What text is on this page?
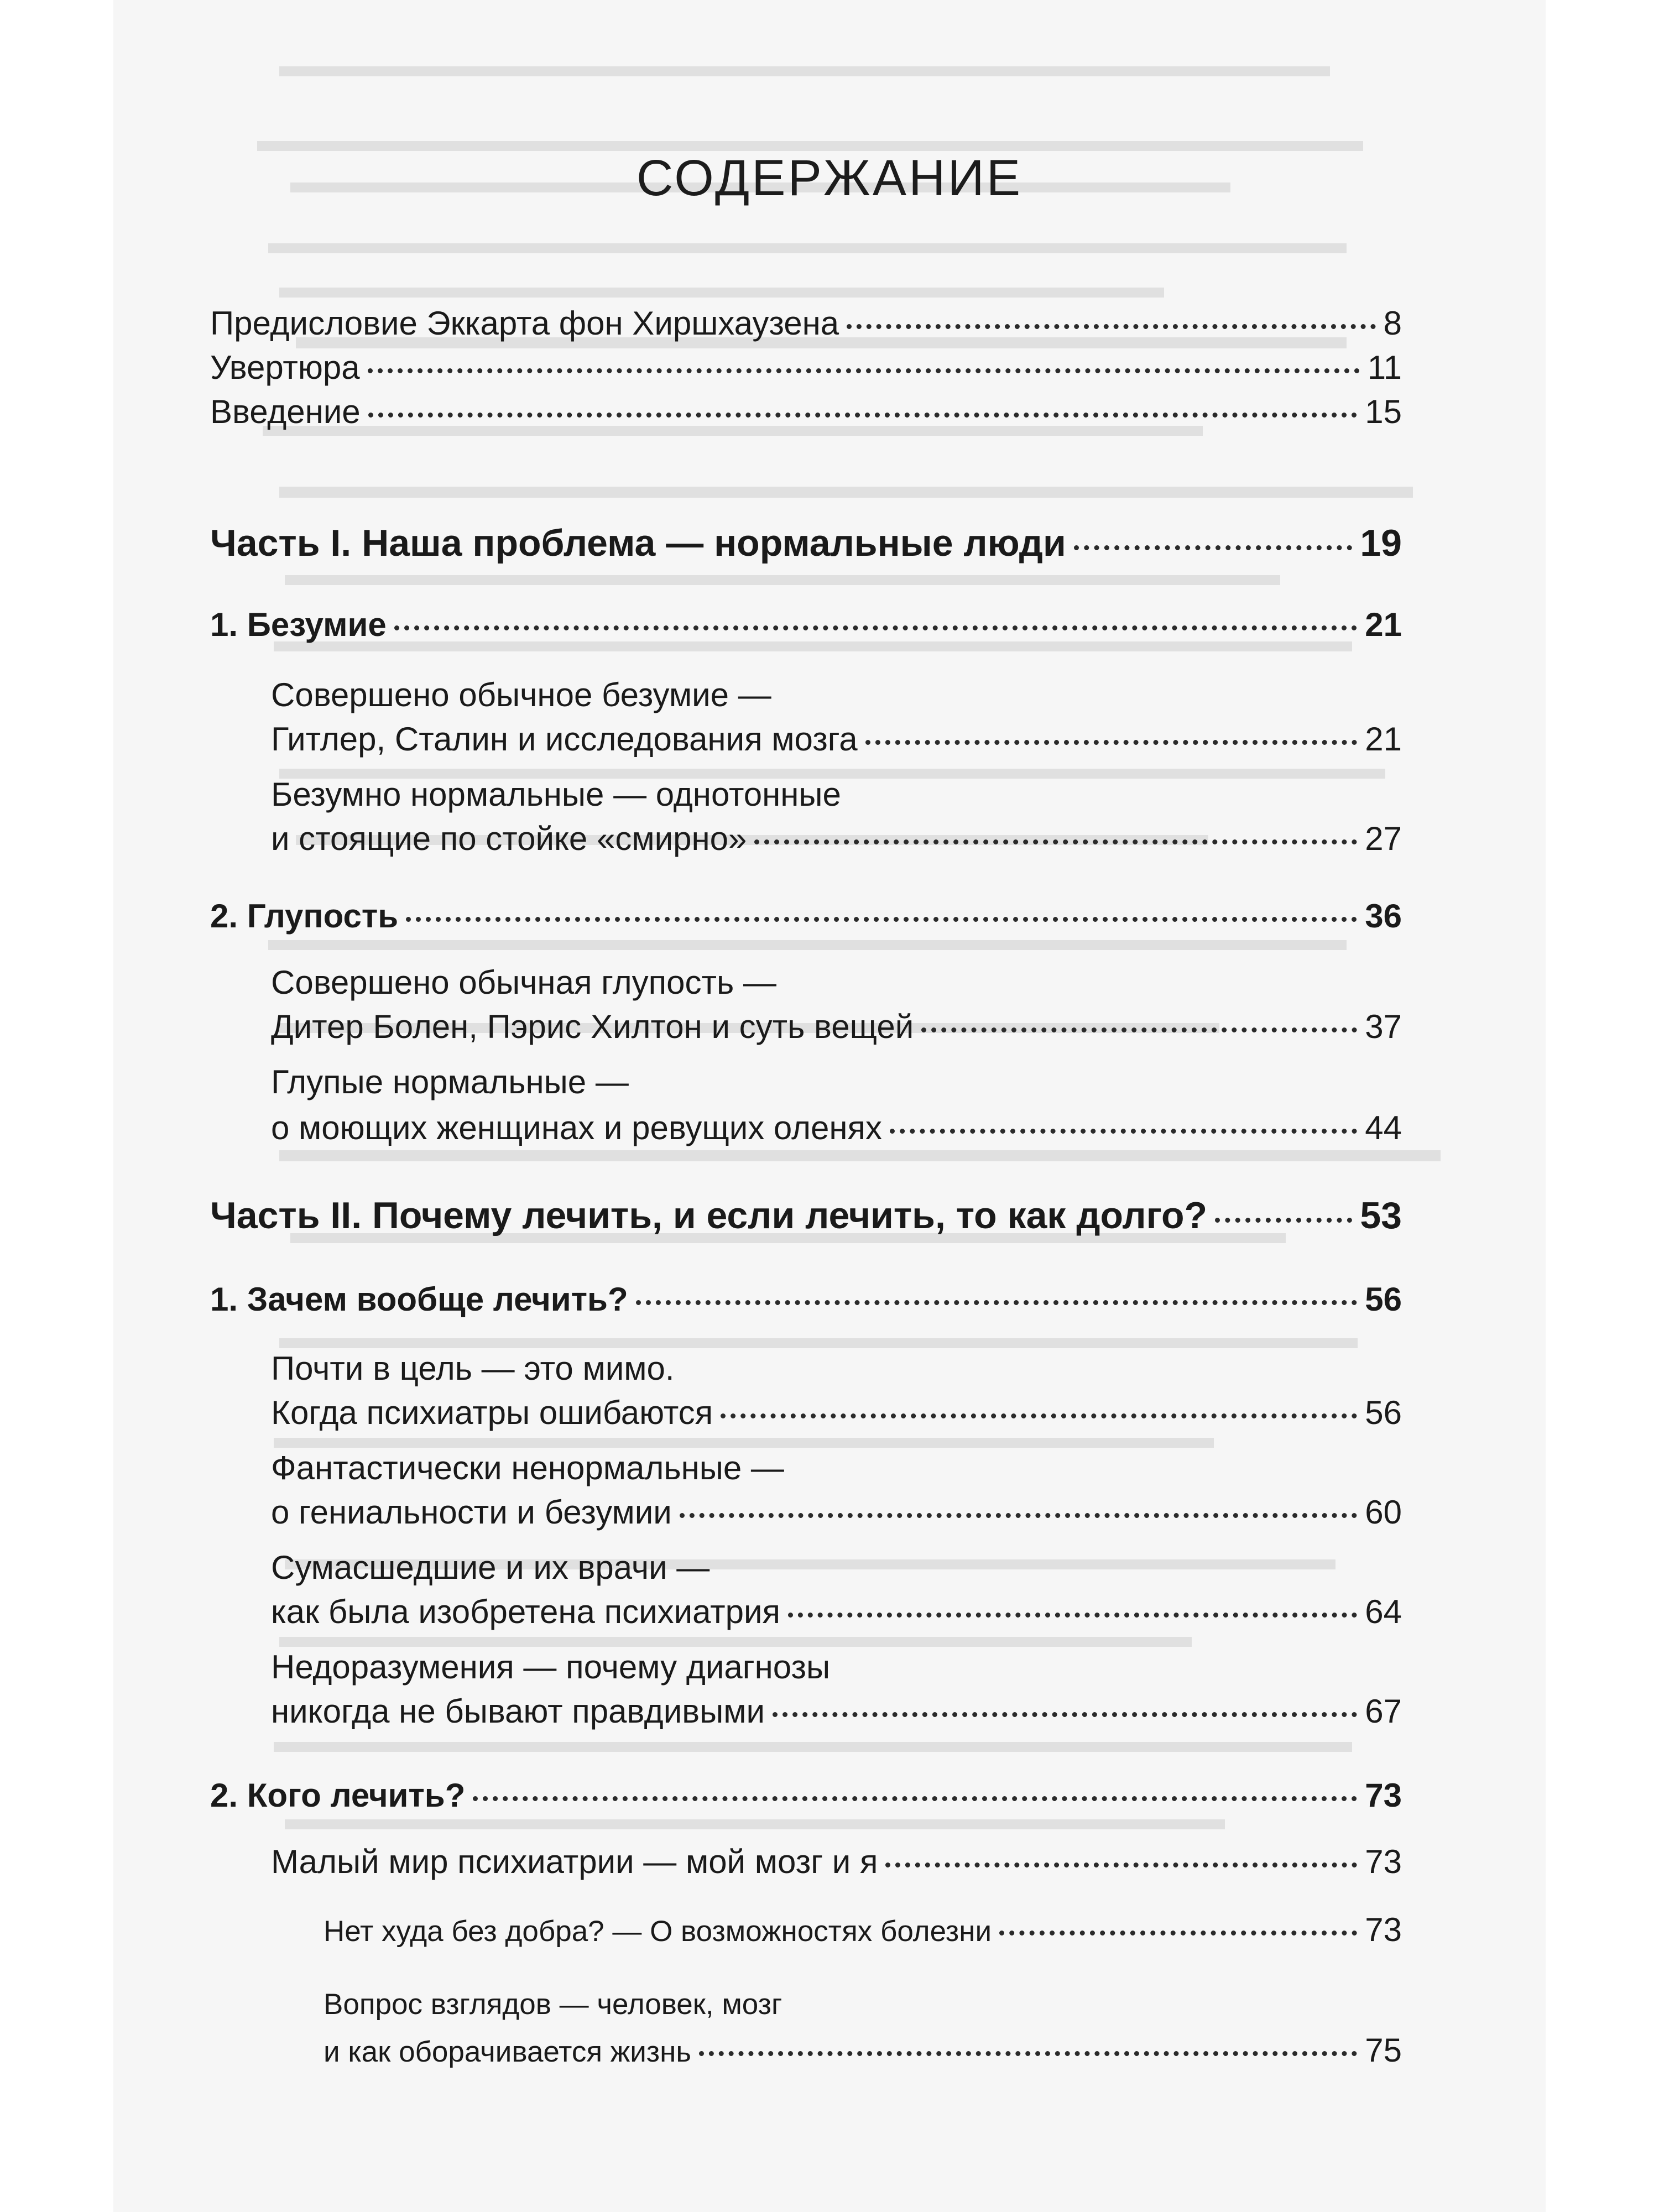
СОДЕРЖАНИЕ
Предисловие Эккарта фон Хиршхаузена	8
Увертюра	11
Введение	15
Часть I. Наша проблема — нормальные люди	19
1. Безумие	21
Совершено обычное безумие —
Гитлер, Сталин и исследования мозга	21
Безумно нормальные — однотонные
и стоящие по стойке «смирно»	27
2. Глупость	36
Совершено обычная глупость —
Дитер Болен, Пэрис Хилтон и суть вещей	37
Глупые нормальные —
о моющих женщинах и ревущих оленях	44
Часть II. Почему лечить, и если лечить, то как долго?	53
1. Зачем вообще лечить?	56
Почти в цель — это мимо.
Когда психиатры ошибаются	56
Фантастически ненормальные —
о гениальности и безумии	60
Сумасшедшие и их врачи —
как была изобретена психиатрия	64
Недоразумения — почему диагнозы
никогда не бывают правдивыми	67
2. Кого лечить?	73
Малый мир психиатрии — мой мозг и я	73
Нет худа без добра? — О возможностях болезни	73
Вопрос взглядов — человек, мозг
и как оборачивается жизнь	75
